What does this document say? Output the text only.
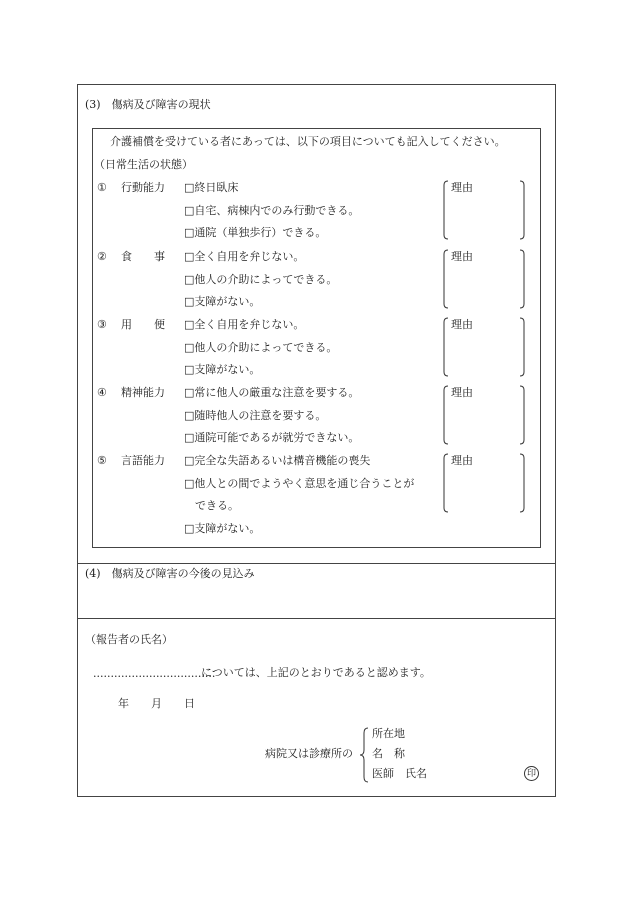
(3)　傷病及び障害の現状
介護補償を受けている者にあっては、以下の項目についても記入してください。
（日常生活の状態）
① 行動能力 □終日臥床
□自宅、病棟内でのみ行動できる。
□通院（単独歩行）できる。
理由
② 食　　事 □全く自用を弁じない。
□他人の介助によってできる。
□支障がない。
理由
③ 用　　便 □全く自用を弁じない。
□他人の介助によってできる。
□支障がない。
理由
④ 精神能力 □常に他人の厳重な注意を要する。
□随時他人の注意を要する。
□通院可能であるが就労できない。
理由
⑤ 言語能力 □完全な失語あるいは構音機能の喪失
□他人との間でようやく意思を通じ合うことが
　できる。
□支障がない。
理由
(4)　傷病及び障害の今後の見込み
（報告者の氏名）
...................................
については、上記のとおりであると認めます。
年　　月　　日
病院又は診療所の
所在地
名　称
医師　氏名	印
